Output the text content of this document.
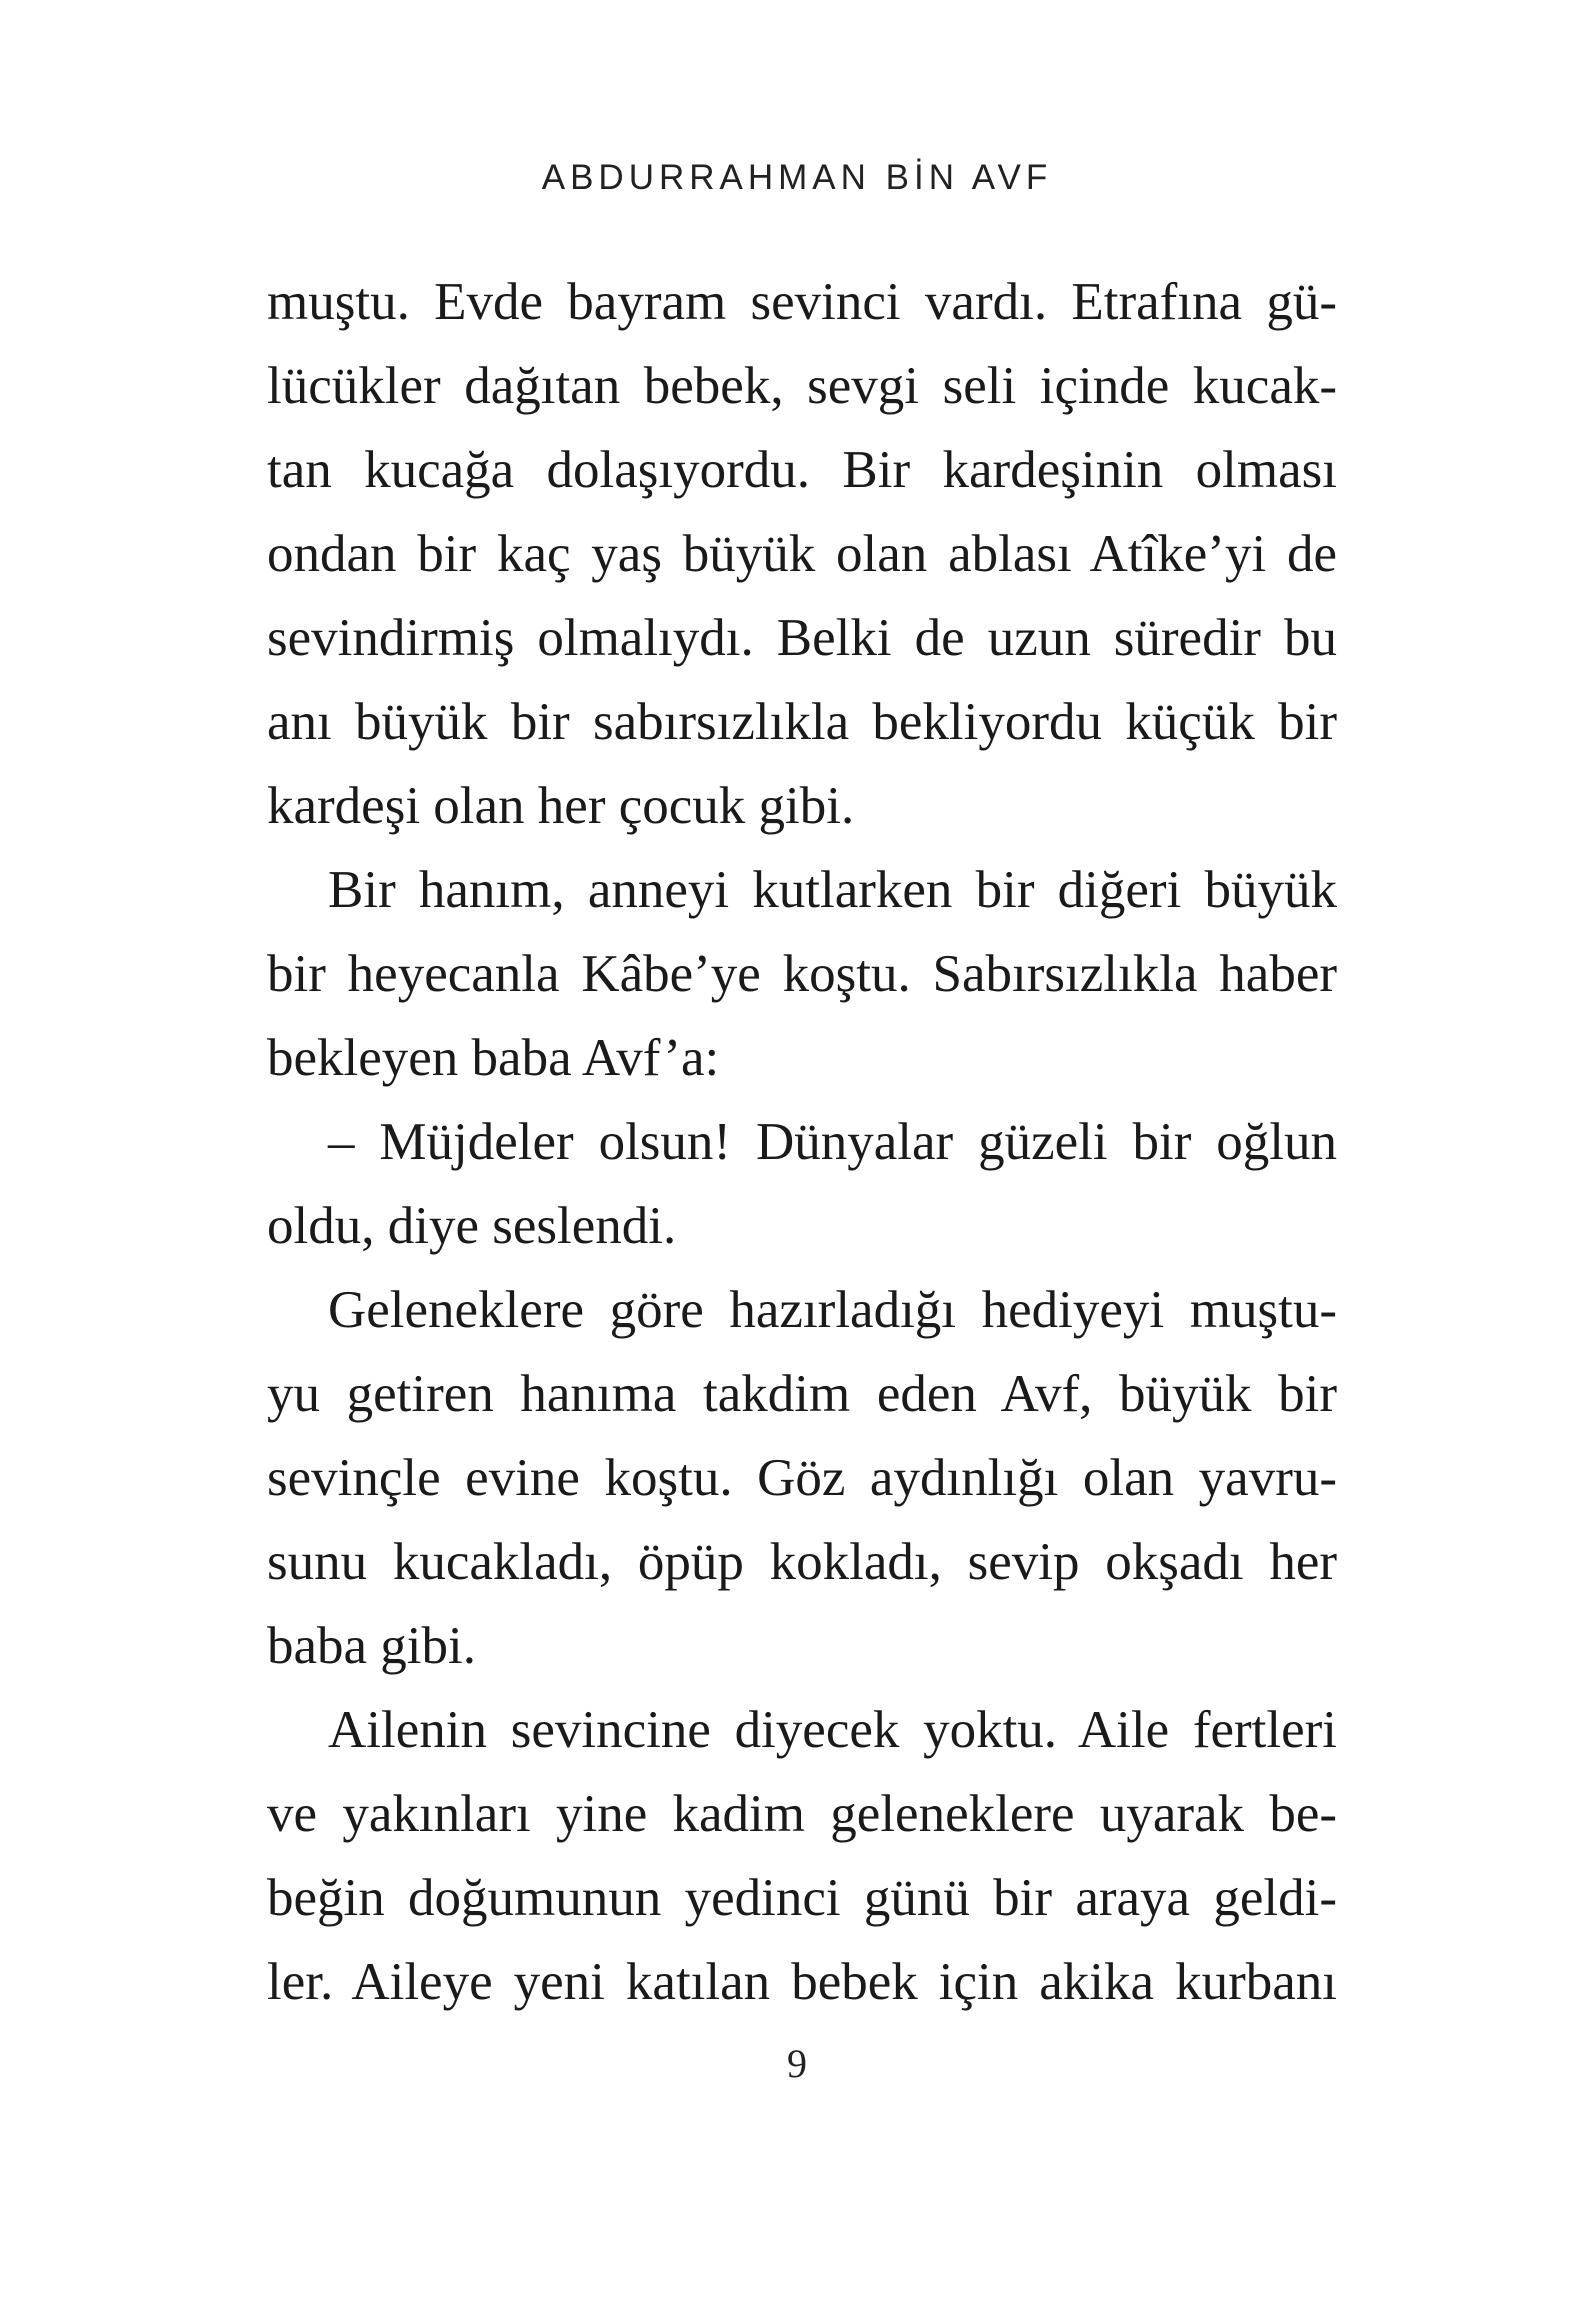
ABDURRAHMAN BİN AVF
muştu. Evde bayram sevinci vardı. Etrafına gü-
lücükler dağıtan bebek, sevgi seli içinde kucak-
tan kucağa dolaşıyordu. Bir kardeşinin olması
ondan bir kaç yaş büyük olan ablası Atîke’yi de
sevindirmiş olmalıydı. Belki de uzun süredir bu
anı büyük bir sabırsızlıkla bekliyordu küçük bir
kardeşi olan her çocuk gibi.
Bir hanım, anneyi kutlarken bir diğeri büyük
bir heyecanla Kâbe’ye koştu. Sabırsızlıkla haber
bekleyen baba Avf’a:
– Müjdeler olsun! Dünyalar güzeli bir oğlun
oldu, diye seslendi.
Geleneklere göre hazırladığı hediyeyi muştu-
yu getiren hanıma takdim eden Avf, büyük bir
sevinçle evine koştu. Göz aydınlığı olan yavru-
sunu kucakladı, öpüp kokladı, sevip okşadı her
baba gibi.
Ailenin sevincine diyecek yoktu. Aile fertleri
ve yakınları yine kadim geleneklere uyarak be-
beğin doğumunun yedinci günü bir araya geldi-
ler. Aileye yeni katılan bebek için akika kurbanı
9
